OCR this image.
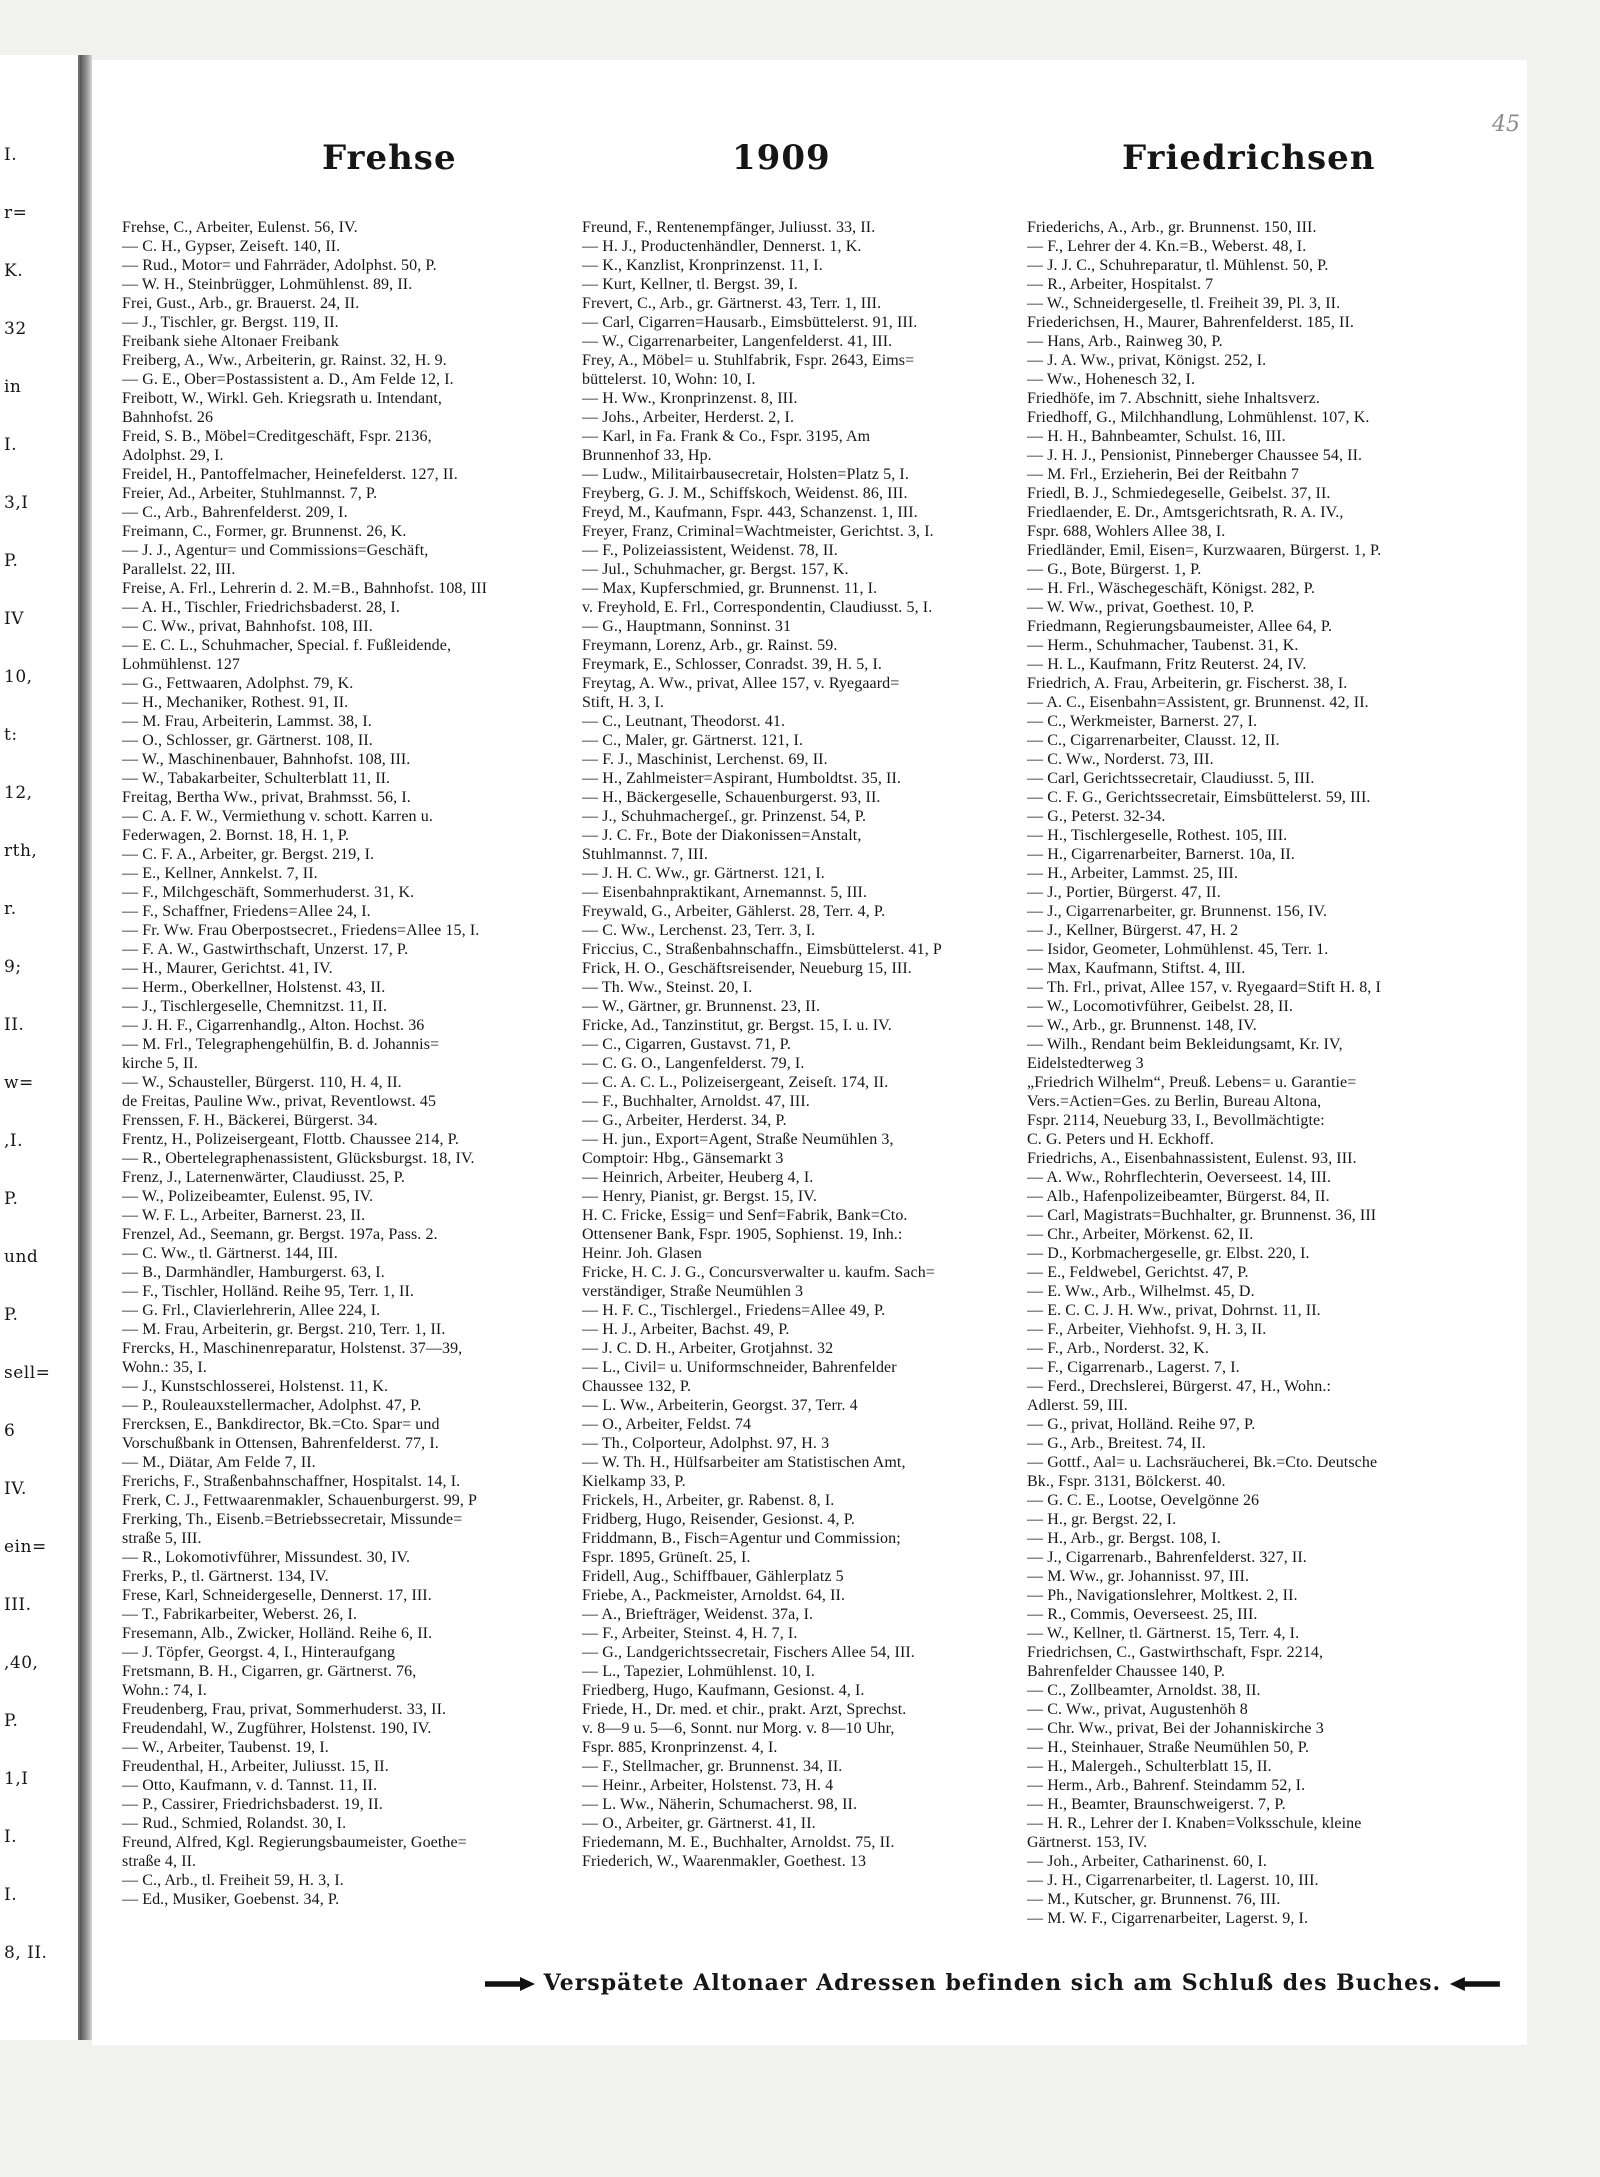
I.
r=
K.
32
in
I.
3,I
P.
IV
10,
t:
12,
rth,
r.
9;
II.
w=
,I.
P.
und
P.
sell=
6
IV.
ein=
III.
,40,
P.
1,I
I.
I.
8, II.
45
Frehse	1909	Friedrichsen
Frehse, C., Arbeiter, Eulenst. 56, IV.
— C. H., Gypser, Zeiseft. 140, II.
— Rud., Motor= und Fahrräder, Adolphst. 50, P.
— W. H., Steinbrügger, Lohmühlenst. 89, II.
Frei, Gust., Arb., gr. Brauerst. 24, II.
— J., Tischler, gr. Bergst. 119, II.
Freibank siehe Altonaer Freibank
Freiberg, A., Ww., Arbeiterin, gr. Rainst. 32, H. 9.
— G. E., Ober=Postassistent a. D., Am Felde 12, I.
Freibott, W., Wirkl. Geh. Kriegsrath u. Intendant,
Bahnhofst. 26
Freid, S. B., Möbel=Creditgeschäft, Fspr. 2136,
Adolphst. 29, I.
Freidel, H., Pantoffelmacher, Heinefelderst. 127, II.
Freier, Ad., Arbeiter, Stuhlmannst. 7, P.
— C., Arb., Bahrenfelderst. 209, I.
Freimann, C., Former, gr. Brunnenst. 26, K.
— J. J., Agentur= und Commissions=Geschäft,
Parallelst. 22, III.
Freise, A. Frl., Lehrerin d. 2. M.=B., Bahnhofst. 108, III
— A. H., Tischler, Friedrichsbaderst. 28, I.
— C. Ww., privat, Bahnhofst. 108, III.
— E. C. L., Schuhmacher, Special. f. Fußleidende,
Lohmühlenst. 127
— G., Fettwaaren, Adolphst. 79, K.
— H., Mechaniker, Rothest. 91, II.
— M. Frau, Arbeiterin, Lammst. 38, I.
— O., Schlosser, gr. Gärtnerst. 108, II.
— W., Maschinenbauer, Bahnhofst. 108, III.
— W., Tabakarbeiter, Schulterblatt 11, II.
Freitag, Bertha Ww., privat, Brahmsst. 56, I.
— C. A. F. W., Vermiethung v. schott. Karren u.
Federwagen, 2. Bornst. 18, H. 1, P.
— C. F. A., Arbeiter, gr. Bergst. 219, I.
— E., Kellner, Annkelst. 7, II.
— F., Milchgeschäft, Sommerhuderst. 31, K.
— F., Schaffner, Friedens=Allee 24, I.
— Fr. Ww. Frau Oberpostsecret., Friedens=Allee 15, I.
— F. A. W., Gastwirthschaft, Unzerst. 17, P.
— H., Maurer, Gerichtst. 41, IV.
— Herm., Oberkellner, Holstenst. 43, II.
— J., Tischlergeselle, Chemnitzst. 11, II.
— J. H. F., Cigarrenhandlg., Alton. Hochst. 36
— M. Frl., Telegraphengehülfin, B. d. Johannis=
kirche 5, II.
— W., Schausteller, Bürgerst. 110, H. 4, II.
de Freitas, Pauline Ww., privat, Reventlowst. 45
Frenssen, F. H., Bäckerei, Bürgerst. 34.
Frentz, H., Polizeisergeant, Flottb. Chaussee 214, P.
— R., Obertelegraphenassistent, Glücksburgst. 18, IV.
Frenz, J., Laternenwärter, Claudiusst. 25, P.
— W., Polizeibeamter, Eulenst. 95, IV.
— W. F. L., Arbeiter, Barnerst. 23, II.
Frenzel, Ad., Seemann, gr. Bergst. 197a, Pass. 2.
— C. Ww., tl. Gärtnerst. 144, III.
— B., Darmhändler, Hamburgerst. 63, I.
— F., Tischler, Holländ. Reihe 95, Terr. 1, II.
— G. Frl., Clavierlehrerin, Allee 224, I.
— M. Frau, Arbeiterin, gr. Bergst. 210, Terr. 1, II.
Frercks, H., Maschinenreparatur, Holstenst. 37—39,
Wohn.: 35, I.
— J., Kunstschlosserei, Holstenst. 11, K.
— P., Rouleauxstellermacher, Adolphst. 47, P.
Frercksen, E., Bankdirector, Bk.=Cto. Spar= und
Vorschußbank in Ottensen, Bahrenfelderst. 77, I.
— M., Diätar, Am Felde 7, II.
Frerichs, F., Straßenbahnschaffner, Hospitalst. 14, I.
Frerk, C. J., Fettwaarenmakler, Schauenburgerst. 99, P
Frerking, Th., Eisenb.=Betriebssecretair, Missunde=
straße 5, III.
— R., Lokomotivführer, Missundest. 30, IV.
Frerks, P., tl. Gärtnerst. 134, IV.
Frese, Karl, Schneidergeselle, Dennerst. 17, III.
— T., Fabrikarbeiter, Weberst. 26, I.
Fresemann, Alb., Zwicker, Holländ. Reihe 6, II.
— J. Töpfer, Georgst. 4, I., Hinteraufgang
Fretsmann, B. H., Cigarren, gr. Gärtnerst. 76,
Wohn.: 74, I.
Freudenberg, Frau, privat, Sommerhuderst. 33, II.
Freudendahl, W., Zugführer, Holstenst. 190, IV.
— W., Arbeiter, Taubenst. 19, I.
Freudenthal, H., Arbeiter, Juliusst. 15, II.
— Otto, Kaufmann, v. d. Tannst. 11, II.
— P., Cassirer, Friedrichsbaderst. 19, II.
— Rud., Schmied, Rolandst. 30, I.
Freund, Alfred, Kgl. Regierungsbaumeister, Goethe=
straße 4, II.
— C., Arb., tl. Freiheit 59, H. 3, I.
— Ed., Musiker, Goebenst. 34, P.
Freund, F., Rentenempfänger, Juliusst. 33, II.
— H. J., Productenhändler, Dennerst. 1, K.
— K., Kanzlist, Kronprinzenst. 11, I.
— Kurt, Kellner, tl. Bergst. 39, I.
Frevert, C., Arb., gr. Gärtnerst. 43, Terr. 1, III.
— Carl, Cigarren=Hausarb., Eimsbüttelerst. 91, III.
— W., Cigarrenarbeiter, Langenfelderst. 41, III.
Frey, A., Möbel= u. Stuhlfabrik, Fspr. 2643, Eims=
büttelerst. 10, Wohn: 10, I.
— H. Ww., Kronprinzenst. 8, III.
— Johs., Arbeiter, Herderst. 2, I.
— Karl, in Fa. Frank & Co., Fspr. 3195, Am
Brunnenhof 33, Hp.
— Ludw., Militairbausecretair, Holsten=Platz 5, I.
Freyberg, G. J. M., Schiffskoch, Weidenst. 86, III.
Freyd, M., Kaufmann, Fspr. 443, Schanzenst. 1, III.
Freyer, Franz, Criminal=Wachtmeister, Gerichtst. 3, I.
— F., Polizeiassistent, Weidenst. 78, II.
— Jul., Schuhmacher, gr. Bergst. 157, K.
— Max, Kupferschmied, gr. Brunnenst. 11, I.
v. Freyhold, E. Frl., Correspondentin, Claudiusst. 5, I.
— G., Hauptmann, Sonninst. 31
Freymann, Lorenz, Arb., gr. Rainst. 59.
Freymark, E., Schlosser, Conradst. 39, H. 5, I.
Freytag, A. Ww., privat, Allee 157, v. Ryegaard=
Stift, H. 3, I.
— C., Leutnant, Theodorst. 41.
— C., Maler, gr. Gärtnerst. 121, I.
— F. J., Maschinist, Lerchenst. 69, II.
— H., Zahlmeister=Aspirant, Humboldtst. 35, II.
— H., Bäckergeselle, Schauenburgerst. 93, II.
— J., Schuhmachergeſ., gr. Prinzenst. 54, P.
— J. C. Fr., Bote der Diakonissen=Anstalt,
Stuhlmannst. 7, III.
— J. H. C. Ww., gr. Gärtnerst. 121, I.
— Eisenbahnpraktikant, Arnemannst. 5, III.
Freywald, G., Arbeiter, Gählerst. 28, Terr. 4, P.
— C. Ww., Lerchenst. 23, Terr. 3, I.
Friccius, C., Straßenbahnschaffn., Eimsbüttelerst. 41, P
Frick, H. O., Geschäftsreisender, Neueburg 15, III.
— Th. Ww., Steinst. 20, I.
— W., Gärtner, gr. Brunnenst. 23, II.
Fricke, Ad., Tanzinstitut, gr. Bergst. 15, I. u. IV.
— C., Cigarren, Gustavst. 71, P.
— C. G. O., Langenfelderst. 79, I.
— C. A. C. L., Polizeisergeant, Zeiseſt. 174, II.
— F., Buchhalter, Arnoldst. 47, III.
— G., Arbeiter, Herderst. 34, P.
— H. jun., Export=Agent, Straße Neumühlen 3,
Comptoir: Hbg., Gänsemarkt 3
— Heinrich, Arbeiter, Heuberg 4, I.
— Henry, Pianist, gr. Bergst. 15, IV.
H. C. Fricke, Essig= und Senf=Fabrik, Bank=Cto.
Ottensener Bank, Fspr. 1905, Sophienst. 19, Inh.:
Heinr. Joh. Glasen
Fricke, H. C. J. G., Concursverwalter u. kaufm. Sach=
verständiger, Straße Neumühlen 3
— H. F. C., Tischlergel., Friedens=Allee 49, P.
— H. J., Arbeiter, Bachst. 49, P.
— J. C. D. H., Arbeiter, Grotjahnst. 32
— L., Civil= u. Uniformschneider, Bahrenfelder
Chaussee 132, P.
— L. Ww., Arbeiterin, Georgst. 37, Terr. 4
— O., Arbeiter, Feldst. 74
— Th., Colporteur, Adolphst. 97, H. 3
— W. Th. H., Hülfsarbeiter am Statistischen Amt,
Kielkamp 33, P.
Frickels, H., Arbeiter, gr. Rabenst. 8, I.
Fridberg, Hugo, Reisender, Gesionst. 4, P.
Friddmann, B., Fisch=Agentur und Commission;
Fspr. 1895, Grüneſt. 25, I.
Fridell, Aug., Schiffbauer, Gählerplatz 5
Friebe, A., Packmeister, Arnoldst. 64, II.
— A., Briefträger, Weidenst. 37a, I.
— F., Arbeiter, Steinst. 4, H. 7, I.
— G., Landgerichtssecretair, Fischers Allee 54, III.
— L., Tapezier, Lohmühlenst. 10, I.
Friedberg, Hugo, Kaufmann, Gesionst. 4, I.
Friede, H., Dr. med. et chir., prakt. Arzt, Sprechst.
v. 8—9 u. 5—6, Sonnt. nur Morg. v. 8—10 Uhr,
Fspr. 885, Kronprinzenst. 4, I.
— F., Stellmacher, gr. Brunnenst. 34, II.
— Heinr., Arbeiter, Holstenst. 73, H. 4
— L. Ww., Näherin, Schumacherst. 98, II.
— O., Arbeiter, gr. Gärtnerst. 41, II.
Friedemann, M. E., Buchhalter, Arnoldst. 75, II.
Friederich, W., Waarenmakler, Goethest. 13
Friederichs, A., Arb., gr. Brunnenst. 150, III.
— F., Lehrer der 4. Kn.=B., Weberst. 48, I.
— J. J. C., Schuhreparatur, tl. Mühlenst. 50, P.
— R., Arbeiter, Hospitalst. 7
— W., Schneidergeselle, tl. Freiheit 39, Pl. 3, II.
Friederichsen, H., Maurer, Bahrenfelderst. 185, II.
— Hans, Arb., Rainweg 30, P.
— J. A. Ww., privat, Königst. 252, I.
— Ww., Hohenesch 32, I.
Friedhöfe, im 7. Abschnitt, siehe Inhaltsverz.
Friedhoff, G., Milchhandlung, Lohmühlenst. 107, K.
— H. H., Bahnbeamter, Schulst. 16, III.
— J. H. J., Pensionist, Pinneberger Chaussee 54, II.
— M. Frl., Erzieherin, Bei der Reitbahn 7
Friedl, B. J., Schmiedegeselle, Geibelst. 37, II.
Friedlaender, E. Dr., Amtsgerichtsrath, R. A. IV.,
Fspr. 688, Wohlers Allee 38, I.
Friedländer, Emil, Eisen=, Kurzwaaren, Bürgerst. 1, P.
— G., Bote, Bürgerst. 1, P.
— H. Frl., Wäschegeschäft, Königst. 282, P.
— W. Ww., privat, Goethest. 10, P.
Friedmann, Regierungsbaumeister, Allee 64, P.
— Herm., Schuhmacher, Taubenst. 31, K.
— H. L., Kaufmann, Fritz Reuterst. 24, IV.
Friedrich, A. Frau, Arbeiterin, gr. Fischerst. 38, I.
— A. C., Eisenbahn=Assistent, gr. Brunnenst. 42, II.
— C., Werkmeister, Barnerst. 27, I.
— C., Cigarrenarbeiter, Clausst. 12, II.
— C. Ww., Norderst. 73, III.
— Carl, Gerichtssecretair, Claudiusst. 5, III.
— C. F. G., Gerichtssecretair, Eimsbüttelerst. 59, III.
— G., Peterst. 32-34.
— H., Tischlergeselle, Rothest. 105, III.
— H., Cigarrenarbeiter, Barnerst. 10a, II.
— H., Arbeiter, Lammst. 25, III.
— J., Portier, Bürgerst. 47, II.
— J., Cigarrenarbeiter, gr. Brunnenst. 156, IV.
— J., Kellner, Bürgerst. 47, H. 2
— Isidor, Geometer, Lohmühlenst. 45, Terr. 1.
— Max, Kaufmann, Stiftst. 4, III.
— Th. Frl., privat, Allee 157, v. Ryegaard=Stift H. 8, I
— W., Locomotivführer, Geibelst. 28, II.
— W., Arb., gr. Brunnenst. 148, IV.
— Wilh., Rendant beim Bekleidungsamt, Kr. IV,
Eidelstedterweg 3
„Friedrich Wilhelm“, Preuß. Lebens= u. Garantie=
Vers.=Actien=Ges. zu Berlin, Bureau Altona,
Fspr. 2114, Neueburg 33, I., Bevollmächtigte:
C. G. Peters und H. Eckhoff.
Friedrichs, A., Eisenbahnassistent, Eulenst. 93, III.
— A. Ww., Rohrflechterin, Oeverseest. 14, III.
— Alb., Hafenpolizeibeamter, Bürgerst. 84, II.
— Carl, Magistrats=Buchhalter, gr. Brunnenst. 36, III
— Chr., Arbeiter, Mörkenst. 62, II.
— D., Korbmachergeselle, gr. Elbst. 220, I.
— E., Feldwebel, Gerichtst. 47, P.
— E. Ww., Arb., Wilhelmst. 45, D.
— E. C. C. J. H. Ww., privat, Dohrnst. 11, II.
— F., Arbeiter, Viehhofst. 9, H. 3, II.
— F., Arb., Norderst. 32, K.
— F., Cigarrenarb., Lagerst. 7, I.
— Ferd., Drechslerei, Bürgerst. 47, H., Wohn.:
Adlerst. 59, III.
— G., privat, Holländ. Reihe 97, P.
— G., Arb., Breitest. 74, II.
— Gottf., Aal= u. Lachsräucherei, Bk.=Cto. Deutsche
Bk., Fspr. 3131, Bölckerst. 40.
— G. C. E., Lootse, Oevelgönne 26
— H., gr. Bergst. 22, I.
— H., Arb., gr. Bergst. 108, I.
— J., Cigarrenarb., Bahrenfelderst. 327, II.
— M. Ww., gr. Johannisst. 97, III.
— Ph., Navigationslehrer, Moltkest. 2, II.
— R., Commis, Oeverseest. 25, III.
— W., Kellner, tl. Gärtnerst. 15, Terr. 4, I.
Friedrichsen, C., Gastwirthschaft, Fspr. 2214,
Bahrenfelder Chaussee 140, P.
— C., Zollbeamter, Arnoldst. 38, II.
— C. Ww., privat, Augustenhöh 8
— Chr. Ww., privat, Bei der Johanniskirche 3
— H., Steinhauer, Straße Neumühlen 50, P.
— H., Malergeh., Schulterblatt 15, II.
— Herm., Arb., Bahrenf. Steindamm 52, I.
— H., Beamter, Braunschweigerst. 7, P.
— H. R., Lehrer der I. Knaben=Volksschule, kleine
Gärtnerst. 153, IV.
— Joh., Arbeiter, Catharinenst. 60, I.
— J. H., Cigarrenarbeiter, tl. Lagerst. 10, III.
— M., Kutscher, gr. Brunnenst. 76, III.
— M. W. F., Cigarrenarbeiter, Lagerst. 9, I.
Verspätete Altonaer Adressen befinden sich am Schluß des Buches.
